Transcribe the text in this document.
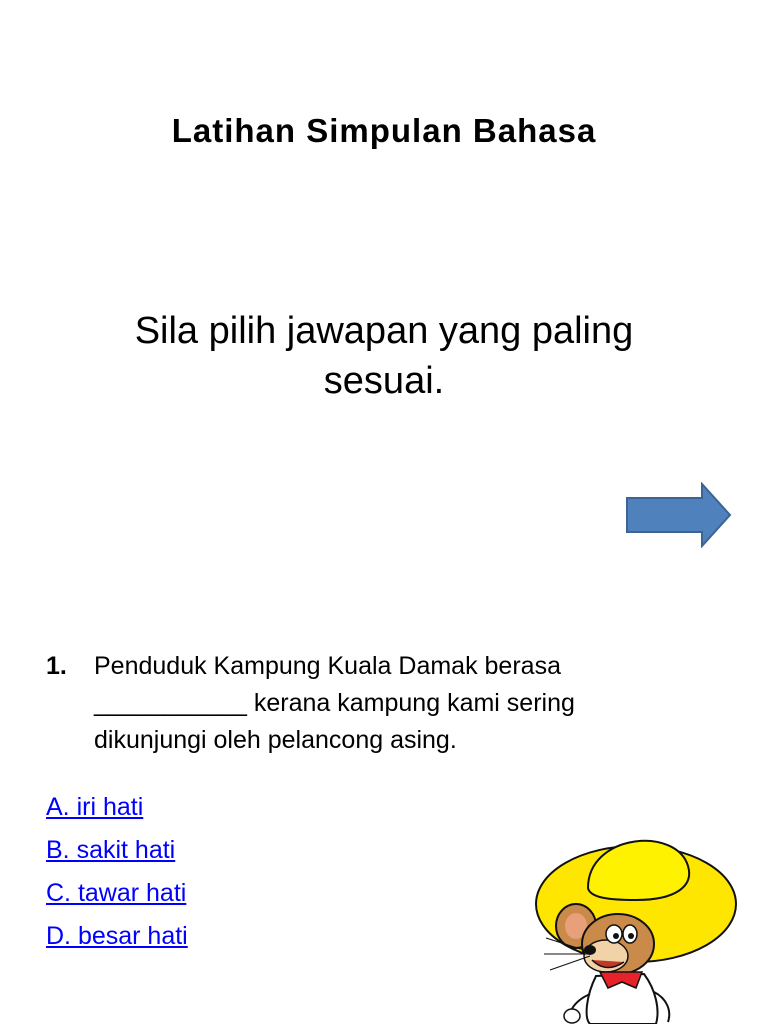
Latihan Simpulan Bahasa
Sila pilih jawapan yang paling sesuai.
1. Penduduk Kampung Kuala Damak berasa ___________ kerana kampung kami sering dikunjungi oleh pelancong asing.
A. iri hati
B. sakit hati
C. tawar hati
D. besar hati
